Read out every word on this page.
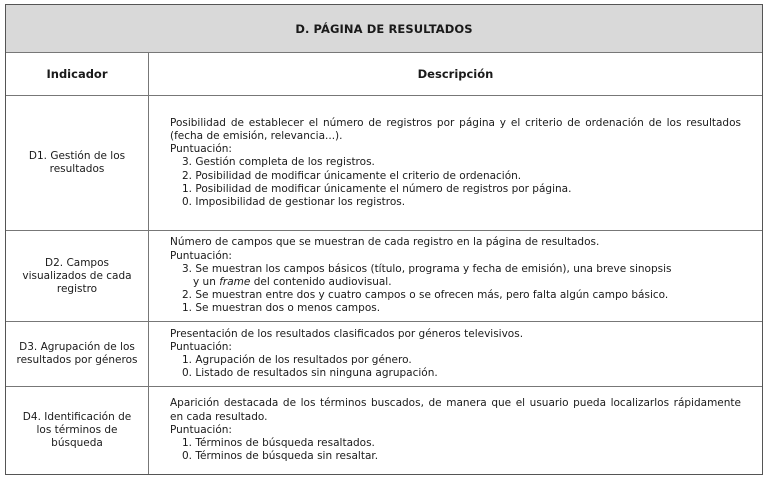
D. PÁGINA DE RESULTADOS
Indicador	Descripción
D1. Gestión de los resultados

Posibilidad de establecer el número de registros por página y el criterio de ordenación de los resultados (fecha de emisión, relevancia...).

Puntuación:

3. Gestión completa de los registros.
2. Posibilidad de modificar únicamente el criterio de ordenación.
1. Posibilidad de modificar únicamente el número de registros por página.
0. Imposibilidad de gestionar los registros.
D2. Campos visualizados de cada registro

Número de campos que se muestran de cada registro en la página de resultados.

Puntuación:

3. Se muestran los campos básicos (título, programa y fecha de emisión), una breve sinopsis
y un frame del contenido audiovisual.
2. Se muestran entre dos y cuatro campos o se ofrecen más, pero falta algún campo básico.
1. Se muestran dos o menos campos.
D3. Agrupación de los resultados por géneros

Presentación de los resultados clasificados por géneros televisivos.

Puntuación:

1. Agrupación de los resultados por género.
0. Listado de resultados sin ninguna agrupación.
D4. Identificación de los términos de búsqueda

Aparición destacada de los términos buscados, de manera que el usuario pueda localizarlos rápidamente en cada resultado.

Puntuación:

1. Términos de búsqueda resaltados.
0. Términos de búsqueda sin resaltar.
